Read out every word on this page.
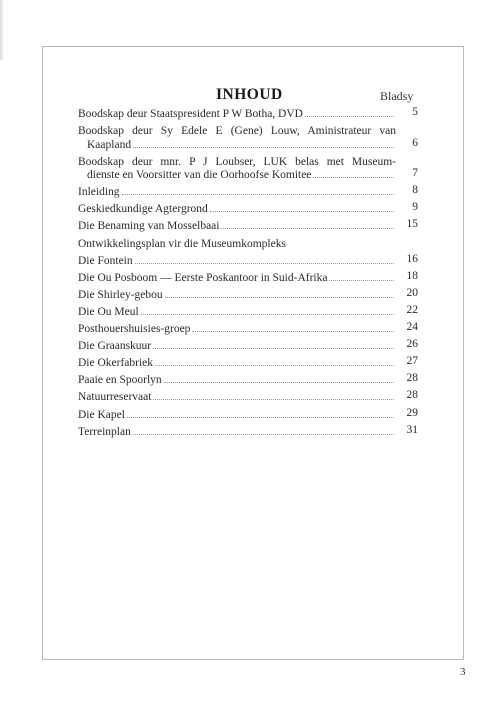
INHOUD	Bladsy
Boodskap deur Staatspresident P W Botha, DVD	5
Boodskap deur Sy Edele E (Gene) Louw, Aministrateur van
Kaapland	6
Boodskap deur mnr. P J Loubser, LUK belas met Museum-
dienste en Voorsitter van die Oorhoofse Komitee	7
Inleiding	8
Geskiedkundige Agtergrond	9
Die Benaming van Mosselbaai	15
Ontwikkelingsplan vir die Museumkompleks
Die Fontein	16
Die Ou Posboom — Eerste Poskantoor in Suid-Afrika	18
Die Shirley-gebou	20
Die Ou Meul	22
Posthouershuisies-groep	24
Die Graanskuur	26
Die Okerfabriek	27
Paaie en Spoorlyn	28
Natuurreservaat	28
Die Kapel	29
Terreinplan	31
3
